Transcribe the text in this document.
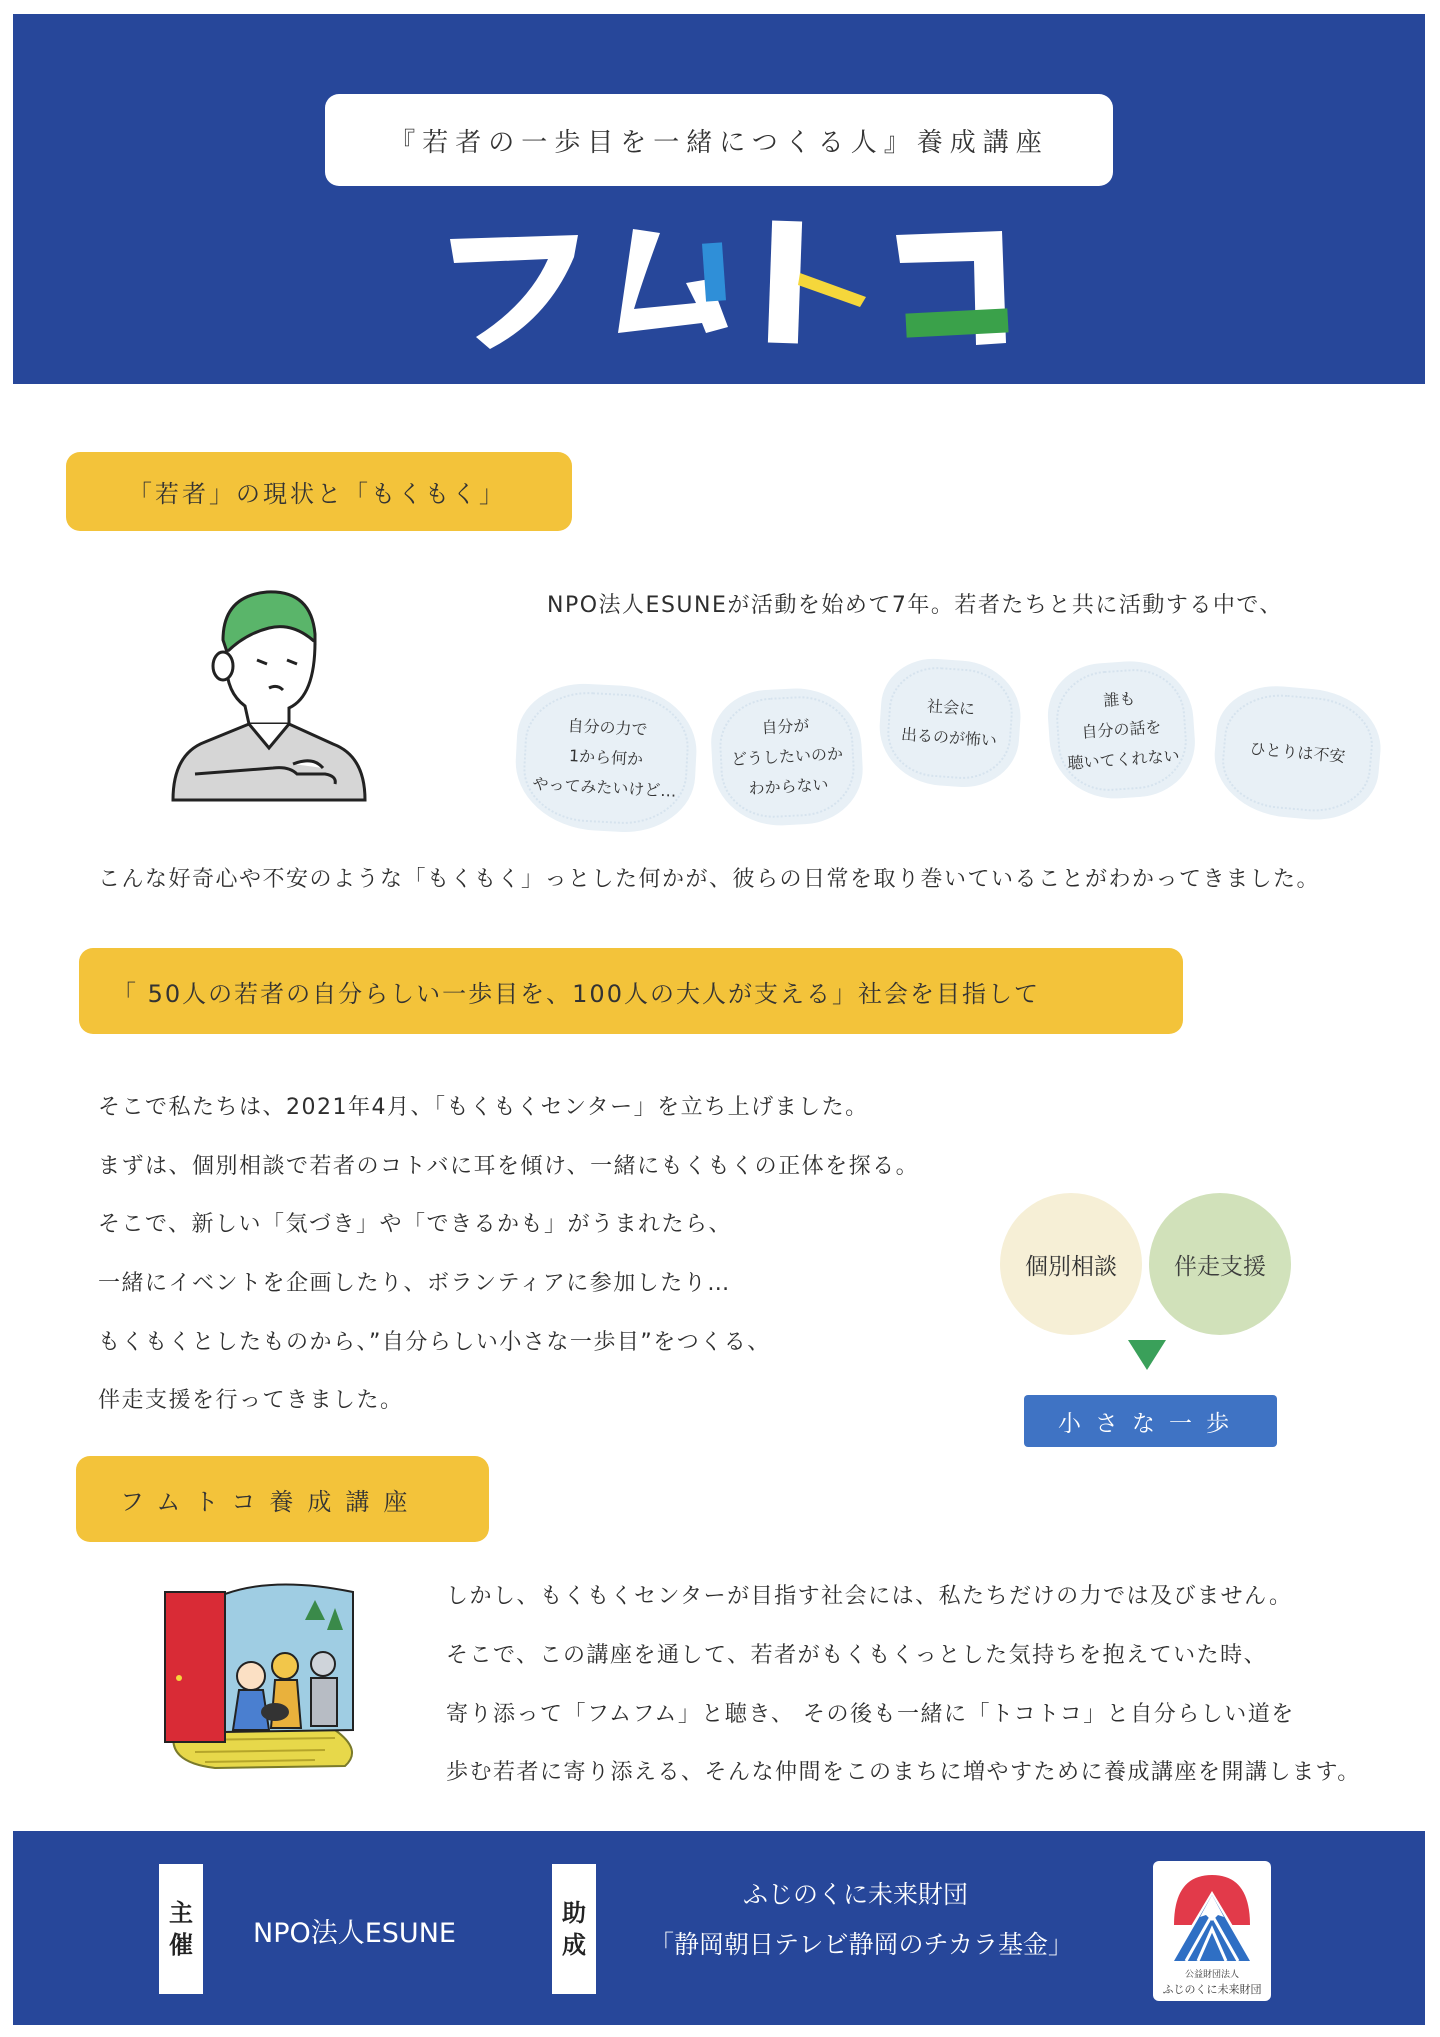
『若者の一歩目を一緒につくる人』養成講座
「若者」の現状と「もくもく」
NPO法人ESUNEが活動を始めて7年。若者たちと共に活動する中で、
自分の力で
1から何か
やってみたいけど…
自分が
どうしたいのか
わからない
社会に
出るのが怖い
誰も
自分の話を
聴いてくれない	ひとりは不安
こんな好奇心や不安のような「もくもく」っとした何かが、彼らの日常を取り巻いていることがわかってきました。
「 50人の若者の自分らしい一歩目を、100人の大人が支える」社会を目指して
そこで私たちは、2021年4月、「もくもくセンター」を立ち上げました。
まずは、個別相談で若者のコトバに耳を傾け、一緒にもくもくの正体を探る。
そこで、新しい「気づき」や「できるかも」がうまれたら、
一緒にイベントを企画したり、ボランティアに参加したり…
もくもくとしたものから、”自分らしい小さな一歩目”をつくる、
伴走支援を行ってきました。
個別相談	伴走支援
小さな一歩
フムトコ養成講座
しかし、もくもくセンターが目指す社会には、私たちだけの力では及びません。
そこで、この講座を通して、若者がもくもくっとした気持ちを抱えていた時、
寄り添って「フムフム」と聴き、 その後も一緒に「トコトコ」と自分らしい道を
歩む若者に寄り添える、そんな仲間をこのまちに増やすために養成講座を開講します。
主
催 NPO法人ESUNE
助
成
ふじのくに未来財団
「静岡朝日テレビ静岡のチカラ基金」
公益財団法人
ふじのくに未来財団
